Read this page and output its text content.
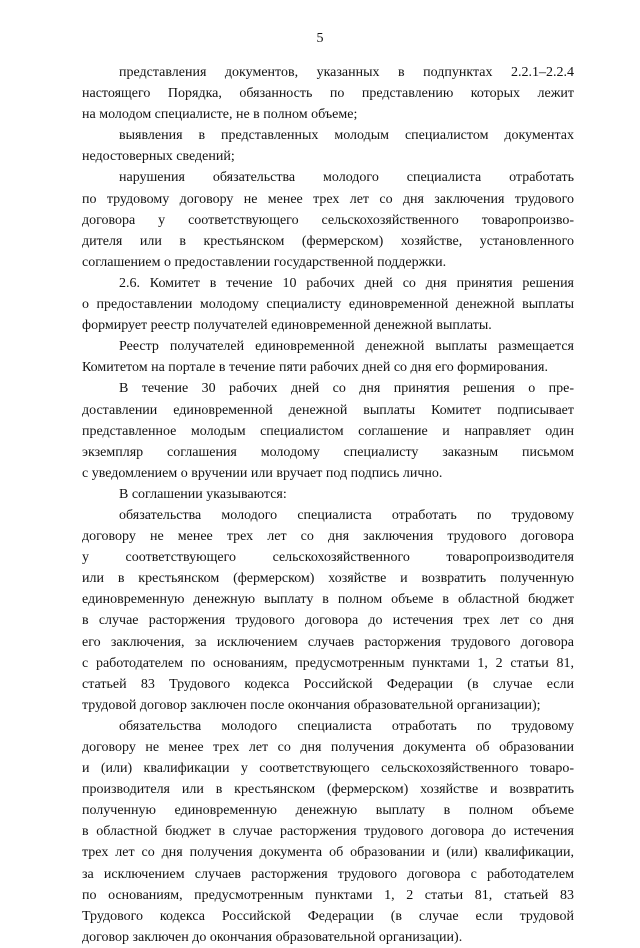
5
представления документов, указанных в подпунктах 2.2.1–2.2.4
настоящего Порядка, обязанность по представлению которых лежит
на молодом специалисте, не в полном объеме;
выявления в представленных молодым специалистом документах
недостоверных сведений;
нарушения обязательства молодого специалиста отработать
по трудовому договору не менее трех лет со дня заключения трудового
договора у соответствующего сельскохозяйственного товаропроизво-
дителя или в крестьянском (фермерском) хозяйстве, установленного
соглашением о предоставлении государственной поддержки.
2.6. Комитет в течение 10 рабочих дней со дня принятия решения
о предоставлении молодому специалисту единовременной денежной выплаты
формирует реестр получателей единовременной денежной выплаты.
Реестр получателей единовременной денежной выплаты размещается
Комитетом на портале в течение пяти рабочих дней со дня его формирования.
В течение 30 рабочих дней со дня принятия решения о пре-
доставлении единовременной денежной выплаты Комитет подписывает
представленное молодым специалистом соглашение и направляет один
экземпляр соглашения молодому специалисту заказным письмом
с уведомлением о вручении или вручает под подпись лично.
В соглашении указываются:
обязательства молодого специалиста отработать по трудовому
договору не менее трех лет со дня заключения трудового договора
у соответствующего сельскохозяйственного товаропроизводителя
или в крестьянском (фермерском) хозяйстве и возвратить полученную
единовременную денежную выплату в полном объеме в областной бюджет
в случае расторжения трудового договора до истечения трех лет со дня
его заключения, за исключением случаев расторжения трудового договора
с работодателем по основаниям, предусмотренным пунктами 1, 2 статьи 81,
статьей 83 Трудового кодекса Российской Федерации (в случае если
трудовой договор заключен после окончания образовательной организации);
обязательства молодого специалиста отработать по трудовому
договору не менее трех лет со дня получения документа об образовании
и (или) квалификации у соответствующего сельскохозяйственного товаро-
производителя или в крестьянском (фермерском) хозяйстве и возвратить
полученную единовременную денежную выплату в полном объеме
в областной бюджет в случае расторжения трудового договора до истечения
трех лет со дня получения документа об образовании и (или) квалификации,
за исключением случаев расторжения трудового договора с работодателем
по основаниям, предусмотренным пунктами 1, 2 статьи 81, статьей 83
Трудового кодекса Российской Федерации (в случае если трудовой
договор заключен до окончания образовательной организации).
